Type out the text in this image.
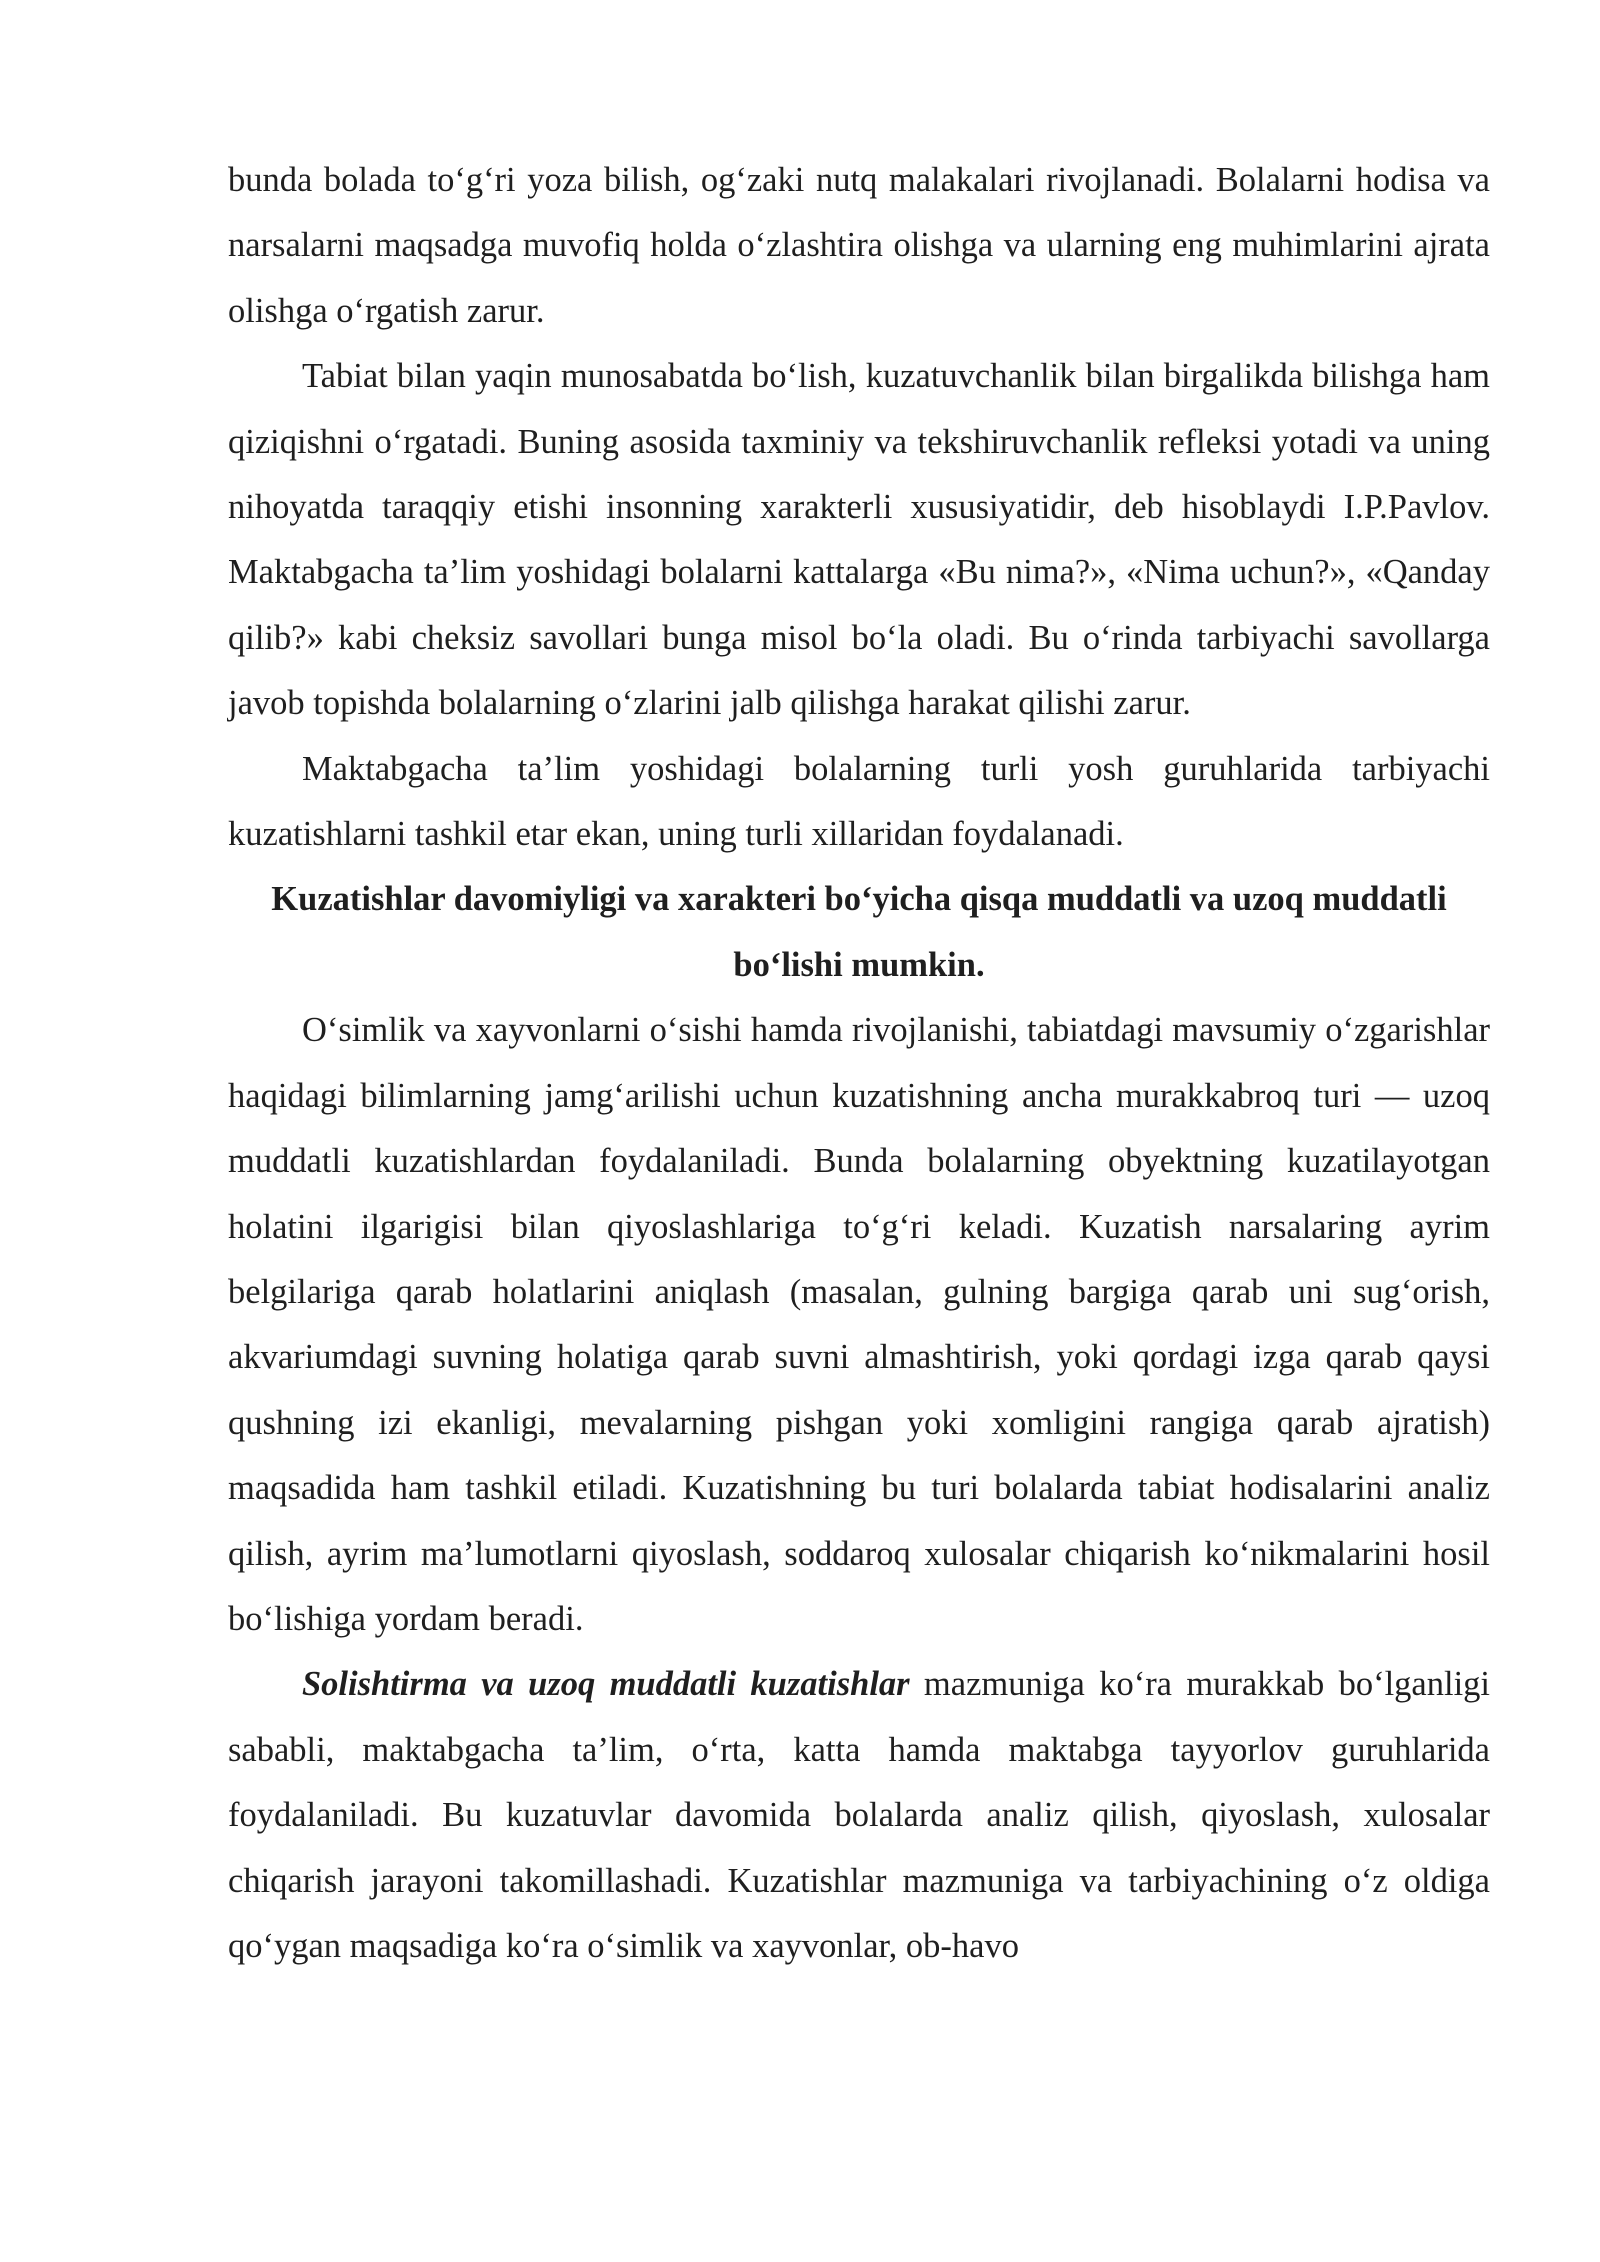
bunda bolada to‘g‘ri yoza bilish, og‘zaki nutq malakalari rivojlanadi. Bolalarni hodisa va narsalarni maqsadga muvofiq holda o‘zlashtira olishga va ularning eng muhimlarini ajrata olishga o‘rgatish zarur.

Tabiat bilan yaqin munosabatda bo‘lish, kuzatuvchanlik bilan birgalikda bilishga ham qiziqishni o‘rgatadi. Buning asosida taxminiy va tekshiruvchanlik refleksi yotadi va uning nihoyatda taraqqiy etishi insonning xarakterli xususiyatidir, deb hisoblaydi I.P.Pavlov. Maktabgacha ta’lim yoshidagi bolalarni kattalarga «Bu nima?», «Nima uchun?», «Qanday qilib?» kabi cheksiz savollari bunga misol bo‘la oladi. Bu o‘rinda tarbiyachi savollarga javob topishda bolalarning o‘zlarini jalb qilishga harakat qilishi zarur.

Maktabgacha ta’lim yoshidagi bolalarning turli yosh guruhlarida tarbiyachi kuzatishlarni tashkil etar ekan, uning turli xillaridan foydalanadi.

Kuzatishlar davomiyligi va xarakteri bo‘yicha qisqa muddatli va uzoq muddatli bo‘lishi mumkin.

O‘simlik va xayvonlarni o‘sishi hamda rivojlanishi, tabiatdagi mavsumiy o‘zgarishlar haqidagi bilimlarning jamg‘arilishi uchun kuzatishning ancha murakkabroq turi — uzoq muddatli kuzatishlardan foydalaniladi. Bunda bolalarning obyektning kuzatilayotgan holatini ilgarigisi bilan qiyoslashlariga to‘g‘ri keladi. Kuzatish narsalaring ayrim belgilariga qarab holatlarini aniqlash (masalan, gulning bargiga qarab uni sug‘orish, akvariumdagi suvning holatiga qarab suvni almashtirish, yoki qordagi izga qarab qaysi qushning izi ekanligi, mevalarning pishgan yoki xomligini rangiga qarab ajratish) maqsadida ham tashkil etiladi. Kuzatishning bu turi bolalarda tabiat hodisalarini analiz qilish, ayrim ma’lumotlarni qiyoslash, soddaroq xulosalar chiqarish ko‘nikmalarini hosil bo‘lishiga yordam beradi.

Solishtirma va uzoq muddatli kuzatishlar mazmuniga ko‘ra murakkab bo‘lganligi sababli, maktabgacha ta’lim, o‘rta, katta hamda maktabga tayyorlov guruhlarida foydalaniladi. Bu kuzatuvlar davomida bolalarda analiz qilish, qiyoslash, xulosalar chiqarish jarayoni takomillashadi. Kuzatishlar mazmuniga va tarbiyachining o‘z oldiga qo‘ygan maqsadiga ko‘ra o‘simlik va xayvonlar, ob-havo
